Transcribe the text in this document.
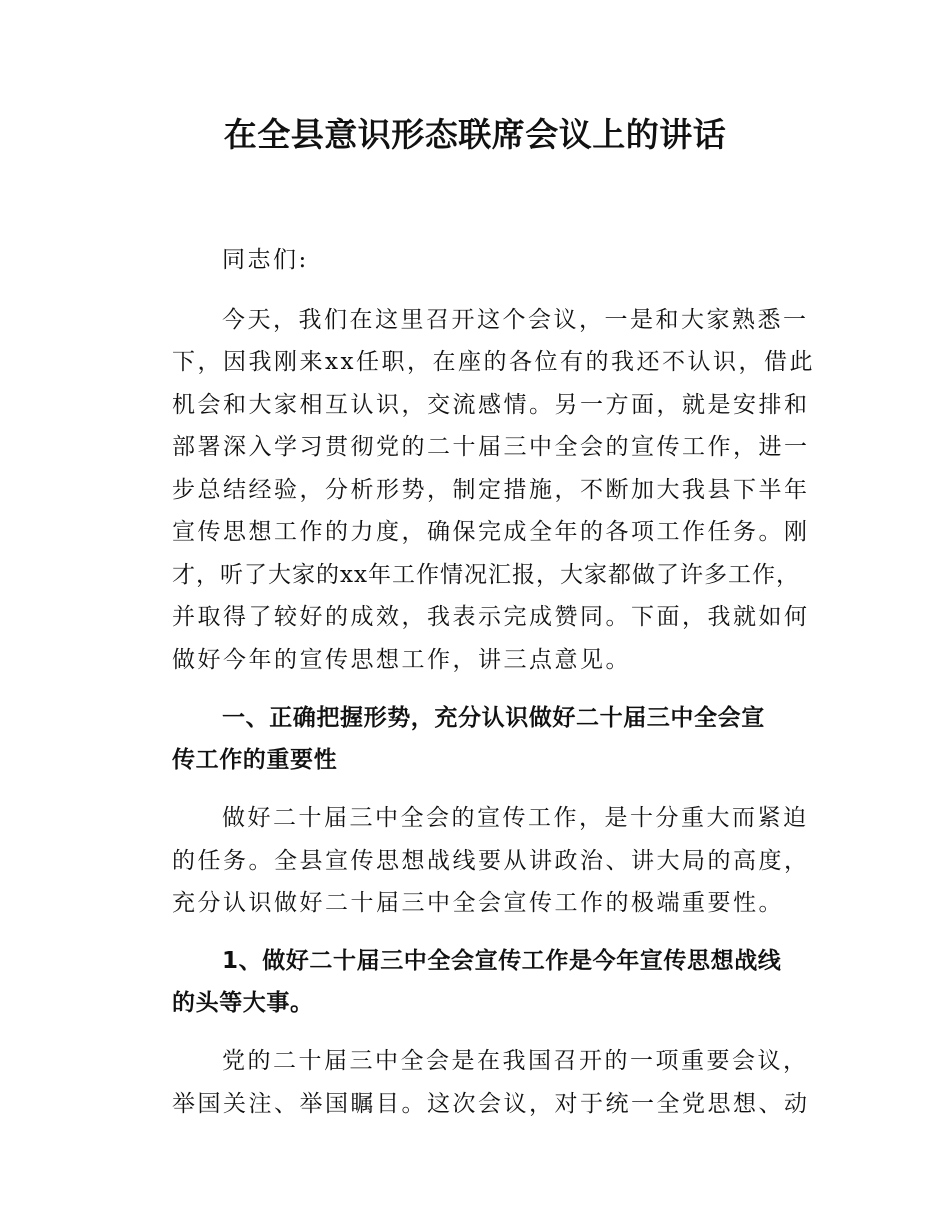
在全县意识形态联席会议上的讲话
同志们:
今天，我们在这里召开这个会议，一是和大家熟悉一
下，因我刚来xx任职，在座的各位有的我还不认识，借此
机会和大家相互认识，交流感情。另一方面，就是安排和
部署深入学习贯彻党的二十届三中全会的宣传工作，进一
步总结经验，分析形势，制定措施，不断加大我县下半年
宣传思想工作的力度，确保完成全年的各项工作任务。刚
才，听了大家的xx年工作情况汇报，大家都做了许多工作，
并取得了较好的成效，我表示完成赞同。下面，我就如何
做好今年的宣传思想工作，讲三点意见。
一、正确把握形势，充分认识做好二十届三中全会宣
传工作的重要性
做好二十届三中全会的宣传工作，是十分重大而紧迫
的任务。全县宣传思想战线要从讲政治、讲大局的高度，
充分认识做好二十届三中全会宣传工作的极端重要性。
1、做好二十届三中全会宣传工作是今年宣传思想战线
的头等大事。
党的二十届三中全会是在我国召开的一项重要会议，
举国关注、举国瞩目。这次会议，对于统一全党思想、动
